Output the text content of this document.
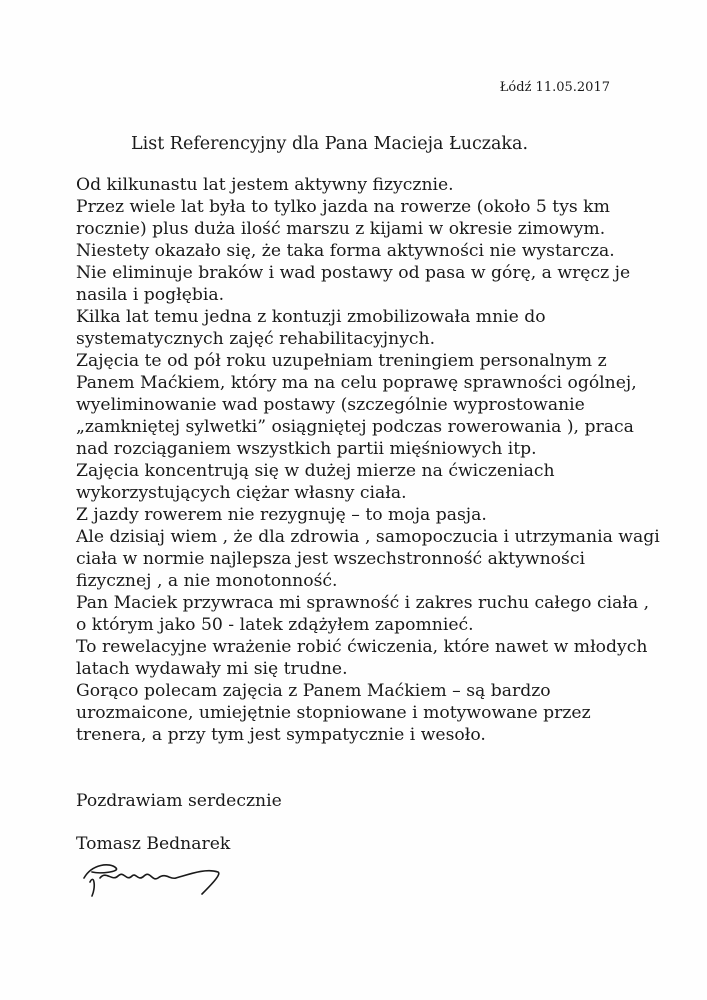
Łódź 11.05.2017
List Referencyjny dla Pana Macieja Łuczaka.
Od kilkunastu lat jestem aktywny fizycznie.
Przez wiele lat była to tylko jazda na rowerze (około 5 tys km
rocznie) plus duża ilość marszu z kijami w okresie zimowym.
Niestety okazało się, że taka forma aktywności nie wystarcza.
Nie eliminuje braków i wad postawy od pasa w górę, a wręcz je
nasila i pogłębia.
Kilka lat temu jedna z kontuzji zmobilizowała mnie do
systematycznych zajęć rehabilitacyjnych.
Zajęcia te od pół roku uzupełniam treningiem personalnym z
Panem Maćkiem, który ma na celu poprawę sprawności ogólnej,
wyeliminowanie wad postawy (szczególnie wyprostowanie
„zamkniętej sylwetki” osiągniętej podczas rowerowania ), praca
nad rozciąganiem wszystkich partii mięśniowych itp.
Zajęcia koncentrują się w dużej mierze na ćwiczeniach
wykorzystujących ciężar własny ciała.
Z jazdy rowerem nie rezygnuję – to moja pasja.
Ale dzisiaj wiem , że dla zdrowia , samopoczucia i utrzymania wagi
ciała w normie najlepsza jest wszechstronność aktywności
fizycznej , a nie monotonność.
Pan Maciek przywraca mi sprawność i zakres ruchu całego ciała ,
o którym jako 50 - latek zdążyłem zapomnieć.
To rewelacyjne wrażenie robić ćwiczenia, które nawet w młodych
latach wydawały mi się trudne.
Gorąco polecam zajęcia z Panem Maćkiem – są bardzo
urozmaicone, umiejętnie stopniowane i motywowane przez
trenera, a przy tym jest sympatycznie i wesoło.
Pozdrawiam serdecznie
Tomasz Bednarek
